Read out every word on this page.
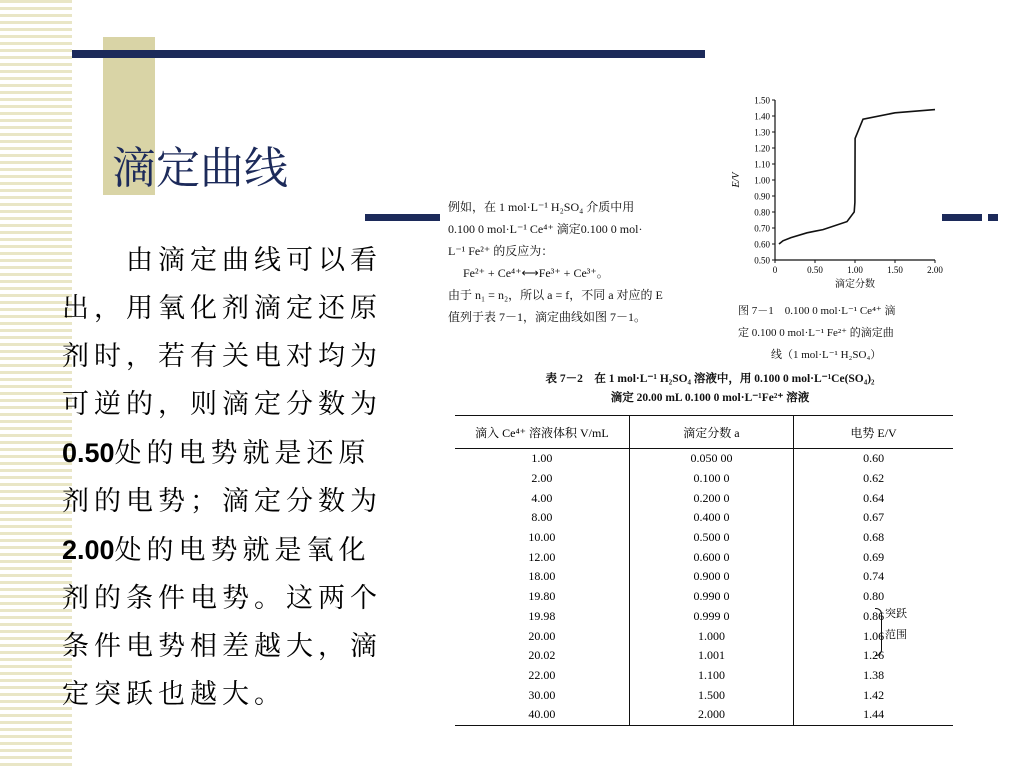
滴定曲线
　　由滴定曲线可以看
出，用氧化剂滴定还原
剂时，若有关电对均为
可逆的，则滴定分数为
0.50处的电势就是还原
剂的电势；滴定分数为
2.00处的电势就是氧化
剂的条件电势。这两个
条件电势相差越大，滴
定突跃也越大。
例如，在 1 mol·L⁻¹ H₂SO₄ 介质中用
0.100 0 mol·L⁻¹ Ce⁴⁺ 滴定0.100 0 mol·
L⁻¹ Fe²⁺ 的反应为：
　 Fe²⁺ + Ce⁴⁺⟷Fe³⁺ + Ce³⁺。
由于 n₁ = n₂，所以 a = f，不同 a 对应的 E
值列于表 7－1，滴定曲线如图 7－1。
0.50
0.60
0.70
0.80
0.90
1.00
1.10
1.20
1.30
1.40
1.50
0	0.50	1.00	1.50	2.00
E/V
滴定分数
图 7－1　0.100 0 mol·L⁻¹ Ce⁴⁺ 滴
定 0.100 0 mol·L⁻¹ Fe²⁺ 的滴定曲
　　　线（1 mol·L⁻¹ H₂SO₄）
表 7－2　在 1 mol·L⁻¹ H₂SO₄ 溶液中，用 0.100 0 mol·L⁻¹Ce(SO₄)₂
滴定 20.00 mL 0.100 0 mol·L⁻¹Fe²⁺ 溶液
滴入 Ce⁴⁺ 溶液体积 V/mL	滴定分数 a	电势 E/V
1.00	0.050 00	0.60
2.00	0.100 0	0.62
4.00	0.200 0	0.64
8.00	0.400 0	0.67
10.00	0.500 0	0.68
12.00	0.600 0	0.69
18.00	0.900 0	0.74
19.80	0.990 0	0.80
19.98	0.999 0	0.86
20.00	1.000	1.06
20.02	1.001	1.26
22.00	1.100	1.38
30.00	1.500	1.42
40.00	2.000	1.44
突跃
范围
